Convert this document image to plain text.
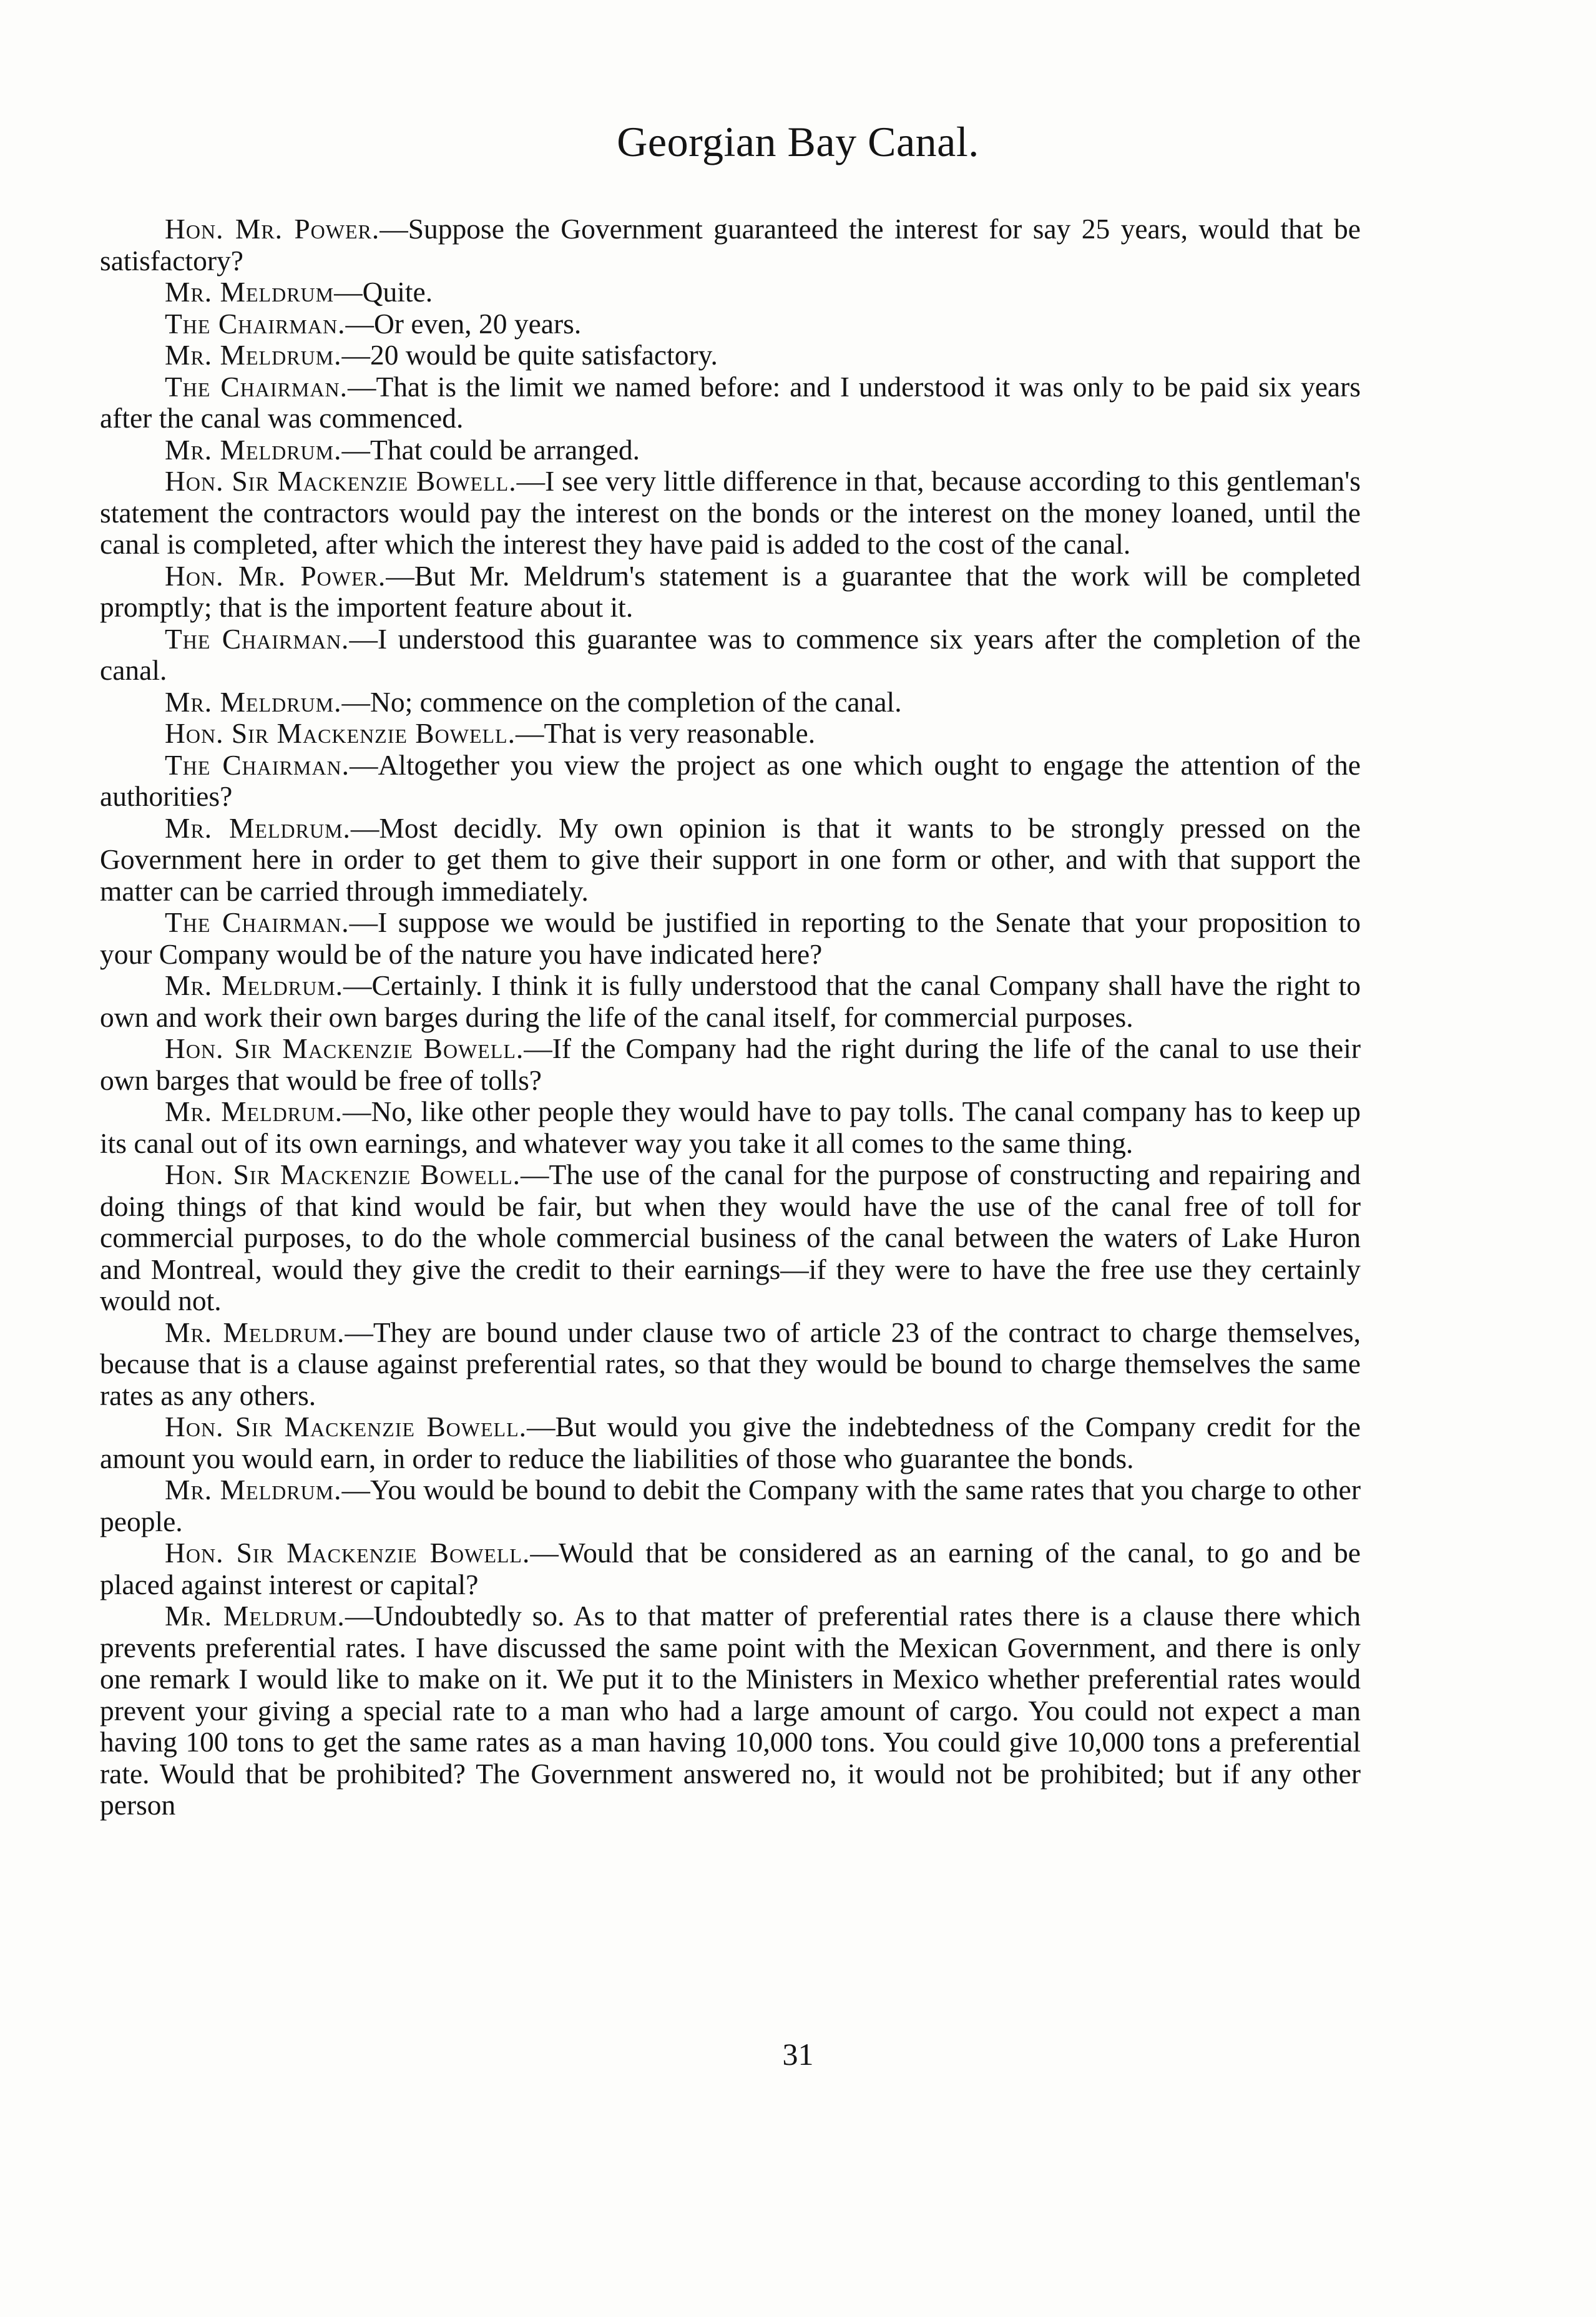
Georgian Bay Canal.

Hon. Mr. Power.—Suppose the Government guaranteed the interest for say 25 years, would that be satisfactory?

Mr. Meldrum—Quite.

The Chairman.—Or even, 20 years.

Mr. Meldrum.—20 would be quite satisfactory.

The Chairman.—That is the limit we named before: and I understood it was only to be paid six years after the canal was commenced.

Mr. Meldrum.—That could be arranged.

Hon. Sir Mackenzie Bowell.—I see very little difference in that, because according to this gentleman's statement the contractors would pay the interest on the bonds or the interest on the money loaned, until the canal is completed, after which the interest they have paid is added to the cost of the canal.

Hon. Mr. Power.—But Mr. Meldrum's statement is a guarantee that the work will be completed promptly; that is the importent feature about it.

The Chairman.—I understood this guarantee was to commence six years after the completion of the canal.

Mr. Meldrum.—No; commence on the completion of the canal.

Hon. Sir Mackenzie Bowell.—That is very reasonable.

The Chairman.—Altogether you view the project as one which ought to engage the attention of the authorities?

Mr. Meldrum.—Most decidly. My own opinion is that it wants to be strongly pressed on the Government here in order to get them to give their support in one form or other, and with that support the matter can be carried through immediately.

The Chairman.—I suppose we would be justified in reporting to the Senate that your proposition to your Company would be of the nature you have indicated here?

Mr. Meldrum.—Certainly. I think it is fully understood that the canal Company shall have the right to own and work their own barges during the life of the canal itself, for commercial purposes.

Hon. Sir Mackenzie Bowell.—If the Company had the right during the life of the canal to use their own barges that would be free of tolls?

Mr. Meldrum.—No, like other people they would have to pay tolls. The canal company has to keep up its canal out of its own earnings, and whatever way you take it all comes to the same thing.

Hon. Sir Mackenzie Bowell.—The use of the canal for the purpose of constructing and repairing and doing things of that kind would be fair, but when they would have the use of the canal free of toll for commercial purposes, to do the whole commercial business of the canal between the waters of Lake Huron and Montreal, would they give the credit to their earnings—if they were to have the free use they certainly would not.

Mr. Meldrum.—They are bound under clause two of article 23 of the contract to charge themselves, because that is a clause against preferential rates, so that they would be bound to charge themselves the same rates as any others.

Hon. Sir Mackenzie Bowell.—But would you give the indebtedness of the Company credit for the amount you would earn, in order to reduce the liabilities of those who guarantee the bonds.

Mr. Meldrum.—You would be bound to debit the Company with the same rates that you charge to other people.

Hon. Sir Mackenzie Bowell.—Would that be considered as an earning of the canal, to go and be placed against interest or capital?

Mr. Meldrum.—Undoubtedly so. As to that matter of preferential rates there is a clause there which prevents preferential rates. I have discussed the same point with the Mexican Government, and there is only one remark I would like to make on it. We put it to the Ministers in Mexico whether preferential rates would prevent your giving a special rate to a man who had a large amount of cargo. You could not expect a man having 100 tons to get the same rates as a man having 10,000 tons. You could give 10,000 tons a preferential rate. Would that be prohibited? The Government answered no, it would not be prohibited; but if any other person

31
